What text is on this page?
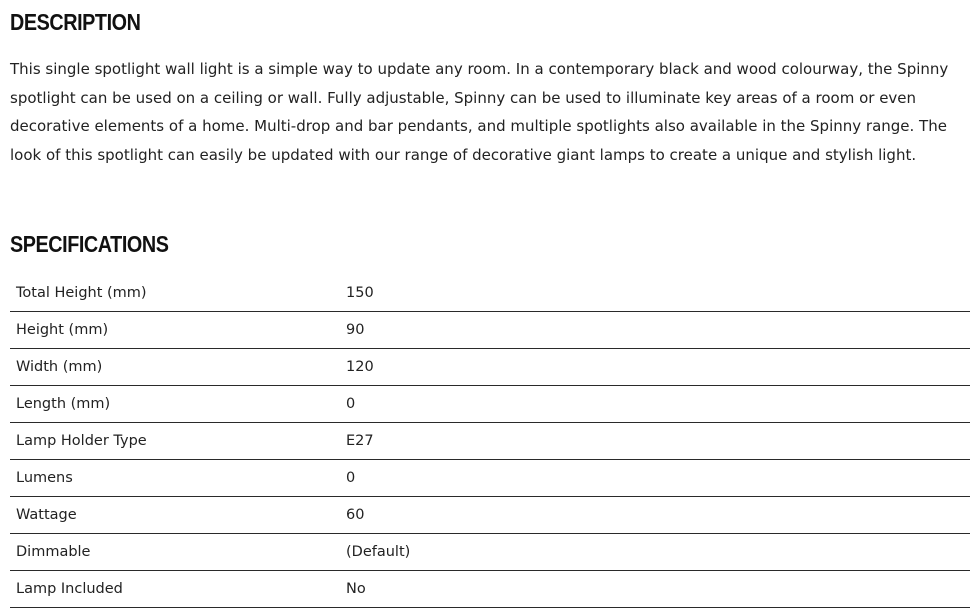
DESCRIPTION

This single spotlight wall light is a simple way to update any room. In a contemporary black and wood colourway, the Spinny spotlight can be used on a ceiling or wall. Fully adjustable, Spinny can be used to illuminate key areas of a room or even decorative elements of a home. Multi-drop and bar pendants, and multiple spotlights also available in the Spinny range. The look of this spotlight can easily be updated with our range of decorative giant lamps to create a unique and stylish light.

SPECIFICATIONS
Total Height (mm)	150
Height (mm)	90
Width (mm)	120
Length (mm)	0
Lamp Holder Type	E27
Lumens	0
Wattage	60
Dimmable	(Default)
Lamp Included	No
